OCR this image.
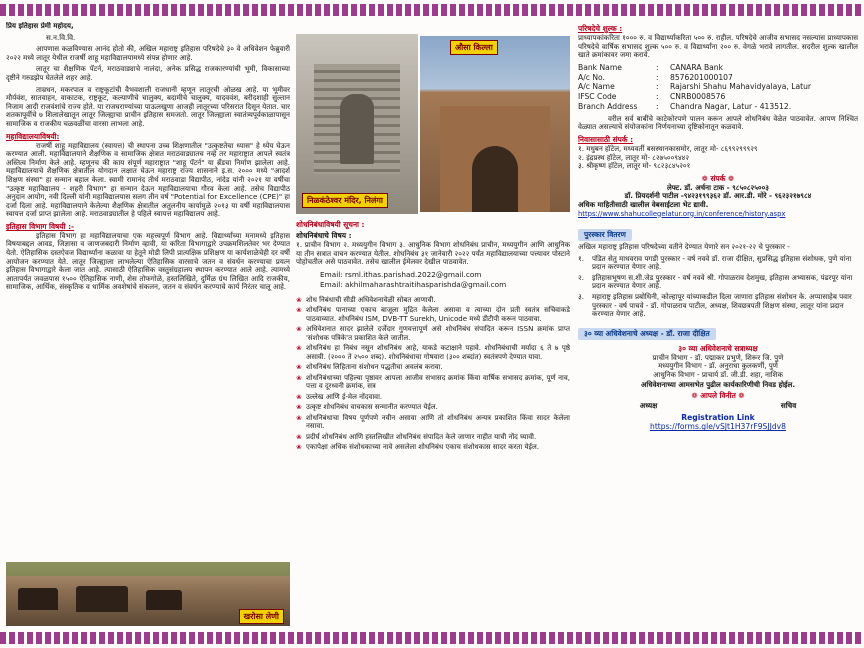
प्रिय इतिहास प्रेमी महोदय,

स.न.वि.वि.

आपणास कळविण्यास आनंद होतो की, अखिल महाराष्ट्र इतिहास परिषदेचे ३० वे अधिवेशन फेब्रुवारी २०२२ मध्ये लातूर येथील राजर्षी शाहू महाविद्यालयामध्ये संपन्न होणार आहे.

लातूर चा शैक्षणिक पॅटर्न, मराठवाड्याचे नालंदा, अनेक प्रसिद्ध राजकारण्यांची भूमी, विकासाच्या दृष्टीने गरुडझेप घेतलेले शहर आहे.

ताम्रधन, मकरपाल व राष्ट्रकूटांची वैभवशाली राजधानी म्हणून लातूरची ओळख आहे. या भूमीवर मौर्यवंश, सातवाहन, वाकाटक, राष्ट्रकूट, कल्याणीचे चालुक्य, बदामीचे चालुक्य, यादववंश, बरीदशाही सुल्तान निजाम आदी राजवंशांचे राज्य होते. या राजघराण्यांच्या पाऊलखुणा आजही लातूरच्या परिसरात दिसून येतात. चार शतकापूर्वीचे ७ शिलालेखातून लातूर जिल्ह्याचा प्राचीन इतिहास समजतो. लातूर जिल्ह्याला स्वातंत्र्यपूर्वकाळापासून सामाजिक व राजकीय चळवळींचा वारसा लाभला आहे.

महाविद्यालयाविषयी:

राजर्षी शाहू महाविद्यालय (स्वायत्त) ची स्थापना उच्च शिक्षणातील "उत्कृष्टतेचा ध्यास" हे ध्येय घेऊन करण्यात आली. महाविद्यालयाने शैक्षणिक व सामाजिक क्षेत्रात मराठवाड्यातच नव्हे तर महाराष्ट्रात आपले स्वतंत्र अस्तित्व निर्माण केले आहे. म्हणूनच की काय संपूर्ण महाराष्ट्रात "शाहू पॅटर्न" या ब्रँडचा निर्माण झालेला आहे. महाविद्यालयाचे शैक्षणिक क्षेत्रातील योगदान लक्षात घेऊन महाराष्ट्र राज्य शासनाने इ.स. २००० मध्ये "आदर्श शिक्षण संस्था" हा सन्मान बहाल केला. स्वामी रामानंद तीर्थ मराठवाडा विद्यापीठ, नांदेड यांनी २०२१ या वर्षीचा "उत्कृष्ट महाविद्यालय - शहरी विभाग" हा सन्मान देऊन महाविद्यालयाचा गौरव केला आहे. तसेच विद्यापीठ अनुदान आयोग, नवी दिल्ली यांनी महाविद्यालयास सलग तीन वर्ष "Potential for Excellence (CPE)" हा दर्जा दिला आहे. महाविद्यालयाने केलेल्या शैक्षणिक क्षेत्रातील अतुलनीय कार्यामुळे २०१३ या वर्षी महाविद्यालयास स्वायत्त दर्जा प्राप्त झालेला आहे. मराठवाड्यातील हे पहिले स्वायत्त महाविद्यालय आहे.

इतिहास विभाग विषयी :-

इतिहास विभाग हा महाविद्यालयाचा एक महत्त्वपूर्ण विभाग आहे. विद्यार्थ्यांच्या मनामध्ये इतिहास विषयाबद्दल आवड, जिज्ञासा व जाणजबदारी निर्माण व्हावी, या करिता विभागाद्वारे उपक्रमशिलतेवर भर देण्यात येतो. ऐतिहासिक दस्तऐवज विद्यार्थ्यांना कळावा या हेतूने मोडी लिपी प्रात्यक्षिक प्रशिक्षण या कार्यशाळेचेही दर वर्षी आयोजन करण्यात येते. लातूर जिल्ह्याला लाभलेल्या ऐतिहासिक वारसाचे जतन व संवर्धन करण्याचा प्रयत्न इतिहास विभागाद्वारे केला जात आहे. त्यासाठी ऐतिहासिक वस्तुसंग्रहालय स्थापन करण्यात आले आहे. त्यामध्ये आतापर्यंत जवळपास १५०० ऐतिहासिक नाणी, शेस तोफगोळे, हस्तलिखिते, दुर्मिळ ग्रंथ लिखित आदि राजकीय, सामाजिक, आर्थिक, संस्कृतिक व धार्मिक अवशेषांचे संकलन, जतन व संवर्धन करण्याचे कार्य निरंतर चालू आहे.

खरोसा लेणी
निळकंठेश्वर मंदिर, निलंगा
औसा किल्ला
शोधनिबंधाविषयी सूचना :
शोधनिबंधाचे विषय :

१. प्राचीन विभाग २. मध्ययुगीन विभाग ३. आधुनिक विभाग शोधनिबंध प्राचीन, मध्ययुगीन आणि आधुनिक या तीन सत्रात वाचन करण्यात येतील. शोधनिबंध ३१ जानेवारी २०२२ पर्यंत महाविद्यालयाच्या पत्त्यावर पोस्टाने पोहोचतील असे पाठवावेत. तसेच खालील ईमेलवर देखील पाठवावेत.

Email: rsml.ithas.parishad.2022@gmail.com
Email: akhilmaharashtraitihasparishda@gmail.com
❀ शोध निबंधाची सीडी अधिवेशनावेळी सोबत आणावी.
❀ शोधनिबंध पानाच्या एकाच बाजूला मुद्रित केलेला असावा व त्याच्या दोन प्रती स्वतंत्र सचिवाकडे पाठवाव्यात. शोधनिबंध ISM, DVB-TT Surekh, Unicode मध्ये डीटीपी करून पाठवावा.
❀ अधिवेशनात सादर झालेले दर्जेदार गुणवत्तापूर्ण असे शोधनिबंध संपादित करून ISSN क्रमांक प्राप्त 'संशोधक पत्रिके'त प्रकाशित केले जातील.
❀ शोधनिबंध हा निबंध नसून शोधनिबंध आहे, याकडे कटाक्षाने पहावे. शोधनिबंधाची मर्यादा ६ ते ७ पृष्ठे असावी. (२००० ते २५०० शब्द). शोधनिबंधाचा गोषवारा (३०० शब्दांत) स्वतंत्रपणे देण्यात यावा.
❀ शोधनिबंध लिहिताना संशोधन पद्धतीचा अवलंब करावा.
❀ शोधनिबंधाच्या पहिल्या पृष्ठावर आपला आजीव सभासद क्रमांक किंवा वार्षिक सभासद क्रमांक, पूर्ण नाव, पत्ता व दूरध्वनी क्रमांक, सत्र
❀ उल्लेख आणि ई-मेल नोंदवावा.
❀ उत्कृष्ट शोधनिबंध वाचकास सन्मानीत करण्यात येईल.
❀ शोधनिबंधाचा विषय पूर्णपणे नवीन असावा आणि तो शोधनिबंध अन्यत्र प्रकाशित किंवा सादर केलेला नसावा.
❀ प्रदीर्घ शोधनिबंध आणि हस्तलिखीत शोधनिबंध संपादित केले जाणार नाहीत याची नोंद घ्यावी.
❀ एकापेक्षा अधिक संशोधकाच्या नावे असलेला शोधनिबंध एकाच संशोधकास सादर करता येईल.
परिषदेचे शुल्क :

प्राध्यापकांकरिता १००० रु. व विद्यार्थ्यांकरिता ५०० रु. राहील. परिषदेचे आजीव सभासद नसल्यास प्राध्यापकास परिषदेचे वार्षिक सभासद शुल्क ५०० रु. व विद्यार्थ्यांना २०० रु. वेगळे भरावे लागतील. सदरील शुल्क खालील खाते क्रमांकावर जमा करावे.

Bank Name	:	CANARA Bank
A/c No.	:	8576201000107
A/c Name	:	Rajarshi Shahu Mahavidyalaya, Latur
IFSC Code	:	CNRB0008576
Branch Address	:	Chandra Nagar, Latur - 413512.

वरील सर्व बाबींचे काटेकोरपणे पालन करून आपले शोधनिबंध वेळेत पाठवावेत. आपण निश्चित वेळ्यात असल्याचे संयोजकांना निर्णयनाच्या दृष्टिकोनातून कळवावे.

निवासासाठी संपर्क :

१. मधुबन हॉटेल, मध्यवर्ती बसस्थानकासमोर, लातूर मो- ८६९९२९९९२९

२. इंद्रप्रस्थ हॉटेल, लातूर मो- ८२७५००९४४२

३. श्रीकृष्ण हॉटेल, लातूर मो- ९८२३८४५२०१

❁ संपर्क ❁

लेफ्ट. डॉ. अर्चना टाक - ९८५०८२५००३

डॉ. प्रियदर्शनी पाटील -९४२३१९९३६२ डॉ. आर.डी. मोरे - ९६२३२१७९८४

अधिक माहितीसाठी खालील वेबसाईटला भेट द्यावी.

https://www.shahucollegelatur.org.in/conference/history.aspx

पुरस्कार वितरण

अखिल महाराष्ट्र इतिहास परिषदेच्या वतीने देण्यात येणारे सन २०२१-२२ चे पुरस्कार -

१.	पंडित सेतु माधवराव पगडी पुरस्कार - वर्ष नववे डॉ. राजा दीक्षित, सुप्रसिद्ध इतिहास संशोधक, पुणे यांना प्रदान करण्यात येणार आहे.
२.	इतिहासभूषण स.शी.जेड पुरस्कार - वर्ष नववे श्री. गोपाळराव देशमुख, इतिहास अभ्यासक, पंढरपूर यांना प्रदान करण्यात येणार आहे.
३.	महाराष्ट्र इतिहास प्रबोधिनी, कोल्हापूर यांच्याकडील दिला जाणारा इतिहास संशोधन के. अप्पासाहेब पवार पुरस्कार - वर्ष पाचवे - डॉ. गोपाळराव पाटील, अध्यक्ष, शिवछत्रपती शिक्षण संस्था, लातूर यांना प्रदान करण्यात येणार आहे.
३० व्या अधिवेशनाचे अध्यक्ष - डॉ. राजा दीक्षित
३० व्या अधिवेशनाचे सत्राध्यक्ष

प्राचीन विभाग - डॉ. पद्माकर प्रभुणे, शिरूर जि. पुणे

मध्ययुगीन विभाग - डॉ. अनुराधा कुलकर्णी, पुणे

आधुनिक विभाग - प्राचार्य डॉ. जी.डी. शहा, नाशिक

अधिवेशनाच्या आमसभेत पुढील कार्यकारिणीची निवड होईल.

❁ आपले विनीत ❁
अध्यक्ष	सचिव
Registration Link
https://forms.gle/vSJt1H37rF9SJJdv8
